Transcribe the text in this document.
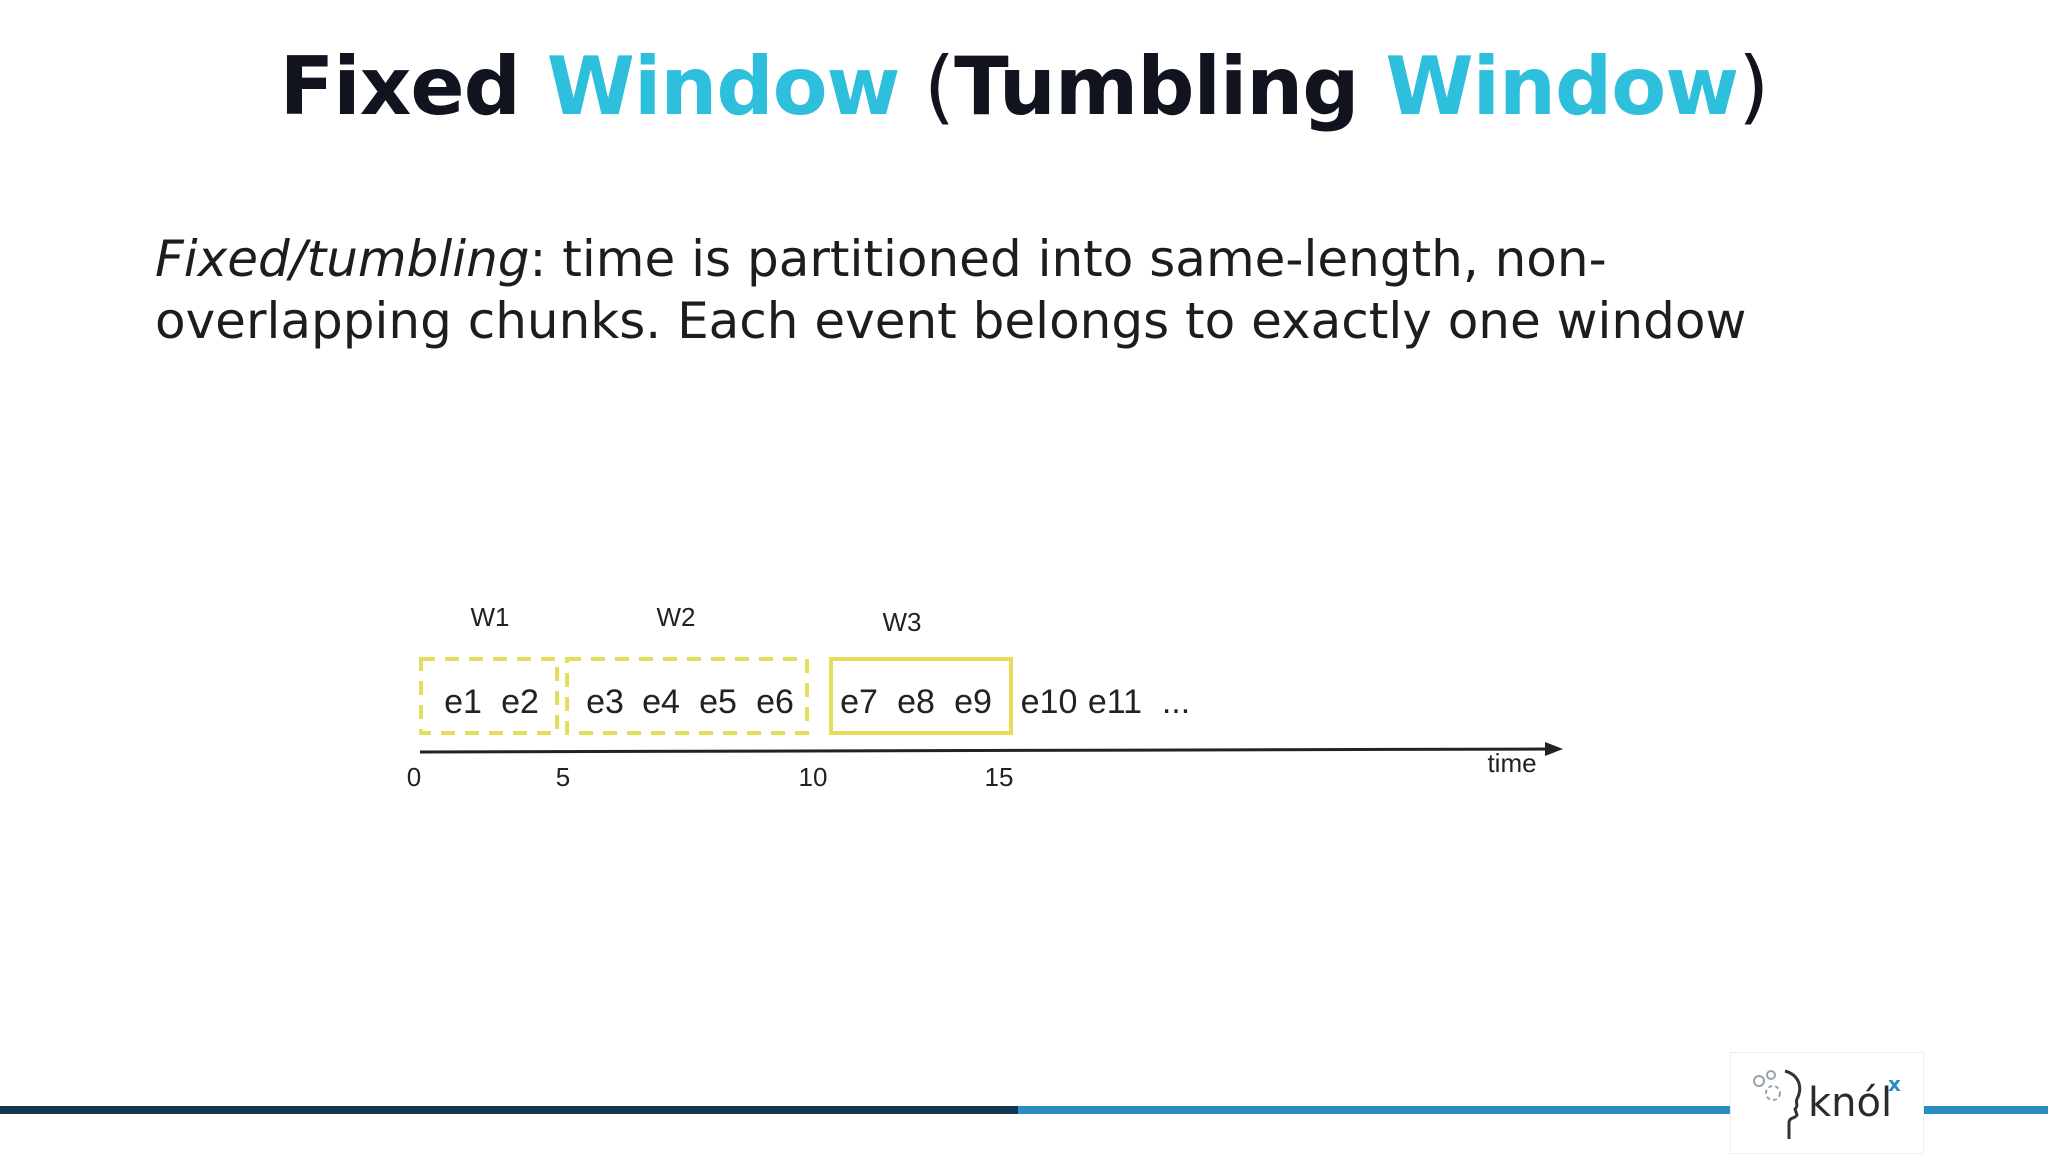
Fixed Window (Tumbling Window)
Fixed/tumbling: time is partitioned into same-length, non-overlapping chunks. Each event belongs to exactly one window
W1	W2	W3
e1 e2 e3 e4 e5 e6 e7 e8 e9 e10 e11 ...
0	5	10	15	time
knól
x
